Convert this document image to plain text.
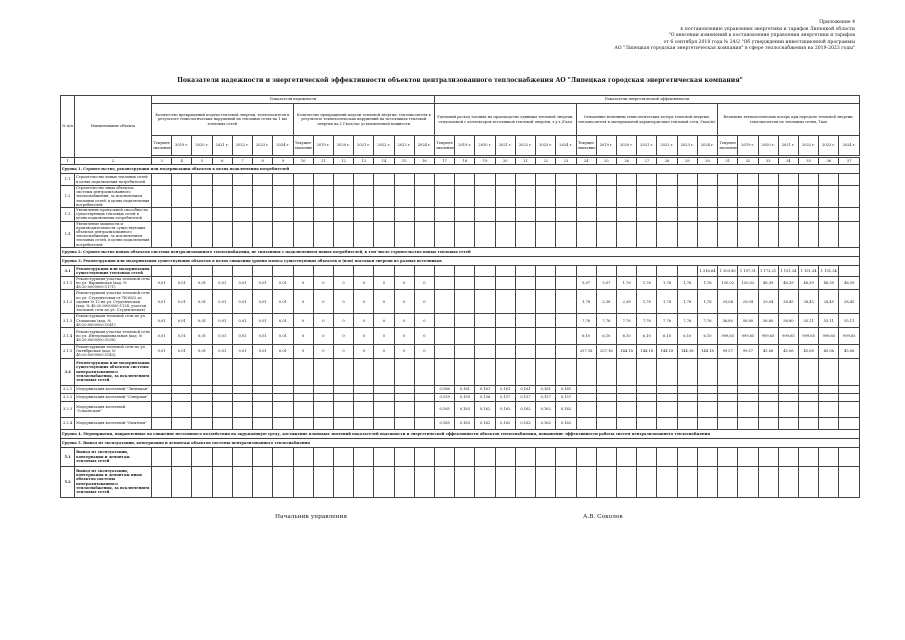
Приложение 4
к постановлению управления энергетики и тарифов Липецкой области
"О внесении изменений в постановление управления энергетики и тарифов
от 6 сентября 2018 года № 24/2 "Об утверждении инвестиционной программы
АО "Липецкая городская энергетическая компания" в сфере теплоснабжения на 2019-2023 годы"
Показатели надежности и энергетической эффективности объектов централизованного теплоснабжения АО "Липецкая городская энергетическая компания"
№ п/п	Наименование объекта	Показатели надежности														Показатели энергетической эффективности																				
		Количество прекращений подачи тепловой энергии, теплоносителя в результате технологических нарушений на тепловых сетях на 1 км тепловых сетей							Количество прекращений подачи тепловой энергии, теплоносителя в результате технологических нарушений на источниках тепловой энергии на 1 Гкал/час установленной мощности							Удельный расход топлива на производство единицы тепловой энергии, отпускаемой с коллекторов источников тепловой энергии, т.у.т./Гкал							Отношение величины технологических потерь тепловой энергии, теплоносителя к материальной характеристике тепловой сети, Гкал/м2							Величина технологических потерь при передаче тепловой энергии, теплоносителя по тепловым сетям, Гкал						
		Текущее значение	2019 г.	2020 г.	2021 г.	2022 г.	2023 г.	2024 г.	Текущее значение	2019 г.	2020 г.	2021 г.	2022 г.	2023 г.	2024 г.	Текущее значение	2019 г.	2020 г.	2021 г.	2022 г.	2023 г.	2024 г.	Текущее значение	2019 г.	2020 г.	2021 г.	2022 г.	2023 г.	2024 г.	Текущее значение	2019 г.	2020 г.	2021 г.	2022 г.	2023 г.	2024 г.

1	2	3	4	5	6	7	8	9	10	11	12	13	14	15	16	17	18	19	20	21	22	23	24	25	26	27	28	29	30	31	32	33	34	35	36	37
Группа 1. Строительство, реконструкция или модернизация объектов в целях подключения потребителей																																				
1.1	Строительство новых тепловых сетей в целях подключения потребителей																																			
1.2	Строительство иных объектов системы централизованного теплоснабжения, за исключением тепловых сетей, в целях подключения потребителей																																			
1.3	Увеличение пропускной способности существующих тепловых сетей в целях подключения потребителей																																			
1.4	Увеличение мощности и производительности существующих объектов централизованного теплоснабжения, за исключением тепловых сетей, в целях подключения потребителей																																			
Группа 2. Строительство новых объектов системы централизованного теплоснабжения, не связанных с подключением новых потребителей, в том числе строительство новых тепловых сетей																																				
Группа 3. Реконструкция или модернизация существующих объектов в целях снижения уровня износа существующих объектов и (или) поставки энергии из разных источников																																				
3.1	Реконструкция или модернизация существующих тепловых сетей																												1 316,64	1 303,80	1 197,31	1 173,21	1 151,34	1 151,34	1 151,34	
3.1.1	Реконструкция участка тепловой сети по ул. Варшавская (кад. № 48:20:0000000:1171)	0,01	0,01	0,01	0,01	0,01	0,01	0,01	0	0	0	0	0	0	0								5,07	5,07	1,76	1,76	1,76	1,76	1,76	150,02	150,02	48,39	48,39	48,39	48,39	48,39
3.1.2	Реконструкция участка тепловой сети по ул. Студенческая от ТК-68/2 до здания № 12 на ул. Студенческая (кад. № 48:20:0000000:1124, участок тепловой сети по ул. Студенческая)	0,01	0,01	0,01	0,01	0,01	0,01	0,01	0	0	0	0	0	0	0								1,78	2,38	2,38	1,78	1,78	1,78	1,78	29,04	29,04	29,04	28,45	28,45	28,45	28,45
3.1.3	Реконструкция тепловой сети по ул. Стаханова (кад. № 48:20:0000000:1041)	0,01	0,01	0,01	0,01	0,01	0,01	0,01	0	0	0	0	0	0	0								7,76	7,76	7,76	7,76	7,76	7,76	7,76	56,80	56,80	56,80	56,80	55,11	55,11	55,11
3.1.4	Реконструкция участка тепловой сети по ул. Интернациональная (кад. № 48:20:0000000:1038)	0,01	0,01	0,01	0,01	0,01	0,01	0,01	0	0	0	0	0	0	0								6,10	6,10	6,10	6,10	6,10	6,10	6,10	999,65	999,65	999,65	999,65	999,65	999,65	999,65
3.1.5	Реконструкция тепловой сети по ул. Октябрьская (кад. № 48:20:0000000:1043)	0,01	0,01	0,01	0,01	0,01	0,01	0,01	0	0	0	0	0	0	0								257,16	257,16	144,18	144,18	144,18	144,18	144,18	99,57	99,57	45,06	45,06	45,06	45,06	45,06
3.2	Реконструкция или модернизация существующих объектов системы централизованного теплоснабжения, за исключением тепловых сетей																																			
3.2.1	Модернизация котельной "Липецкая"															0,166	0,161	0,161	0,161	0,161	0,161	0,161														
3.2.2	Модернизация котельной "Северная"															0,159	0,159	0,158	0,157	0,157	0,157	0,157														
3.2.3	Модернизация котельной "Сокольская"															0,165	0,163	0,162	0,162	0,162	0,162	0,162														
3.2.4	Модернизация котельной "Опытная"															0,165	0,163	0,162	0,162	0,162	0,162	0,162														
Группа 4. Мероприятия, направленные на снижение негативного воздействия на окружающую среду, достижение плановых значений показателей надежности и энергетической эффективности объектов теплоснабжения, повышение эффективности работы систем централизованного теплоснабжения																																				
Группа 5. Вывод из эксплуатации, консервация и демонтаж объектов системы централизованного теплоснабжения																																				
5.1	Вывод из эксплуатации, консервация и демонтаж тепловых сетей																																			
5.2	Вывод из эксплуатации, консервация и демонтаж иных объектов системы централизованного теплоснабжения, за исключением тепловых сетей																																			
Начальник управления	А.В. Соколов
